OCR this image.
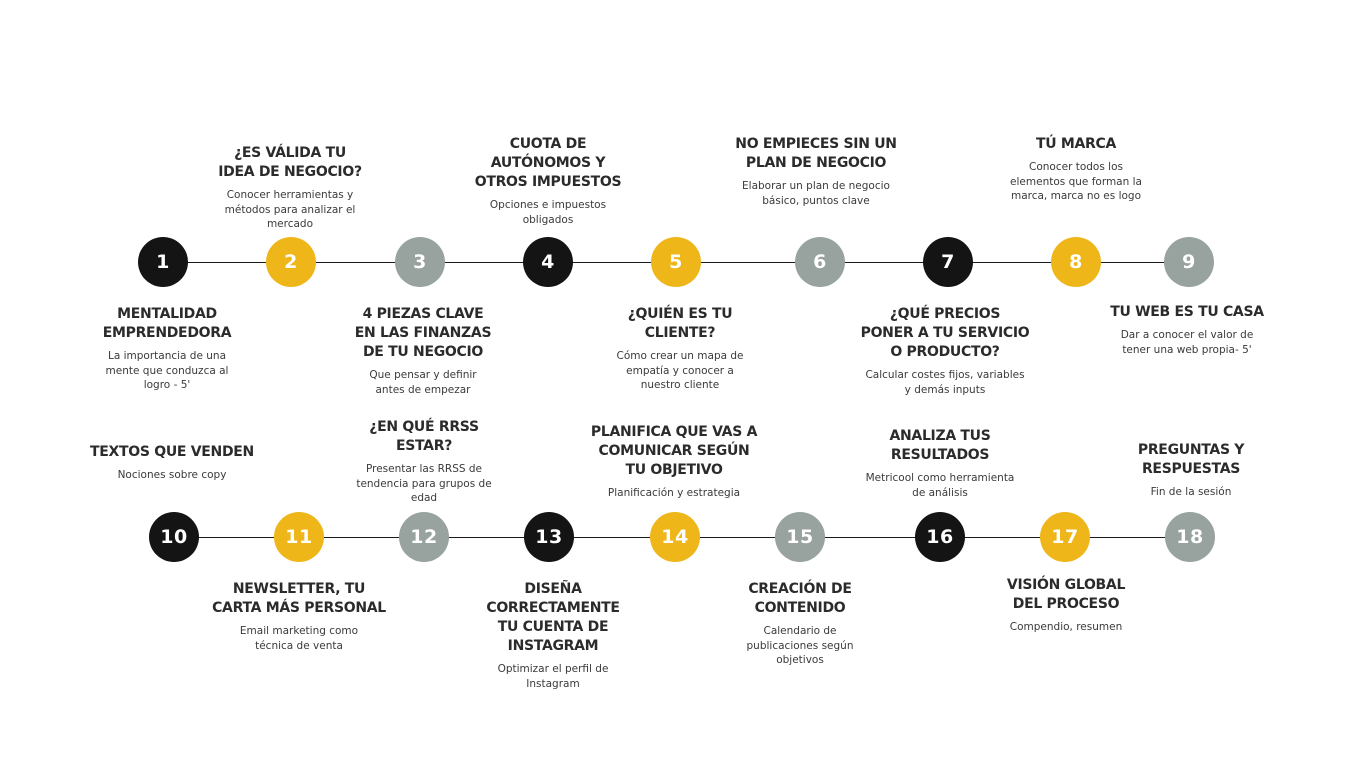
1	2	3	4	5	6	7	8	9
MENTALIDAD
EMPRENDEDORA
La importancia de una
mente que conduzca al
logro - 5'
4 PIEZAS CLAVE
EN LAS FINANZAS
DE TU NEGOCIO
Que pensar y definir
antes de empezar
¿QUIÉN ES TU
CLIENTE?
Cómo crear un mapa de
empatía y conocer a
nuestro cliente
¿QUÉ PRECIOS
PONER A TU SERVICIO
O PRODUCTO?
Calcular costes fijos, variables
y demás inputs
TU WEB ES TU CASA
Dar a conocer el valor de
tener una web propia- 5'
¿ES VÁLIDA TU
IDEA DE NEGOCIO?
Conocer herramientas y
métodos para analizar el
mercado
CUOTA DE
AUTÓNOMOS Y
OTROS IMPUESTOS
Opciones e impuestos
obligados
NO EMPIECES SIN UN
PLAN DE NEGOCIO
Elaborar un plan de negocio
básico, puntos clave
TÚ MARCA
Conocer todos los
elementos que forman la
marca, marca no es logo
10	11	12	13	14	15	16	17	18
TEXTOS QUE VENDEN
Nociones sobre copy
¿EN QUÉ RRSS
ESTAR?
Presentar las RRSS de
tendencia para grupos de
edad
PLANIFICA QUE VAS A
COMUNICAR SEGÚN
TU OBJETIVO
Planificación y estrategia
ANALIZA TUS
RESULTADOS
Metricool como herramienta
de análisis
PREGUNTAS Y
RESPUESTAS
Fin de la sesión
NEWSLETTER, TU
CARTA MÁS PERSONAL
Email marketing como
técnica de venta
DISEÑA
CORRECTAMENTE
TU CUENTA DE
INSTAGRAM
Optimizar el perfil de
Instagram
CREACIÓN DE
CONTENIDO
Calendario de
publicaciones según
objetivos
VISIÓN GLOBAL
DEL PROCESO
Compendio, resumen
